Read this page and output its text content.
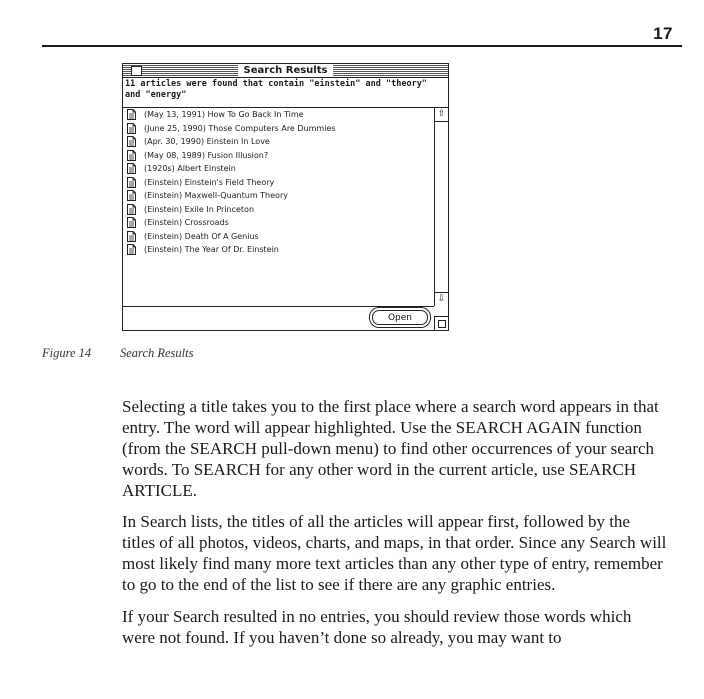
17
Search Results
11 articles were found that contain "einstein" and "theory" and "energy"
(May 13, 1991) How To Go Back In Time
(June 25, 1990) Those Computers Are Dummies
(Apr. 30, 1990) Einstein In Love
(May 08, 1989) Fusion Illusion?
(1920s) Albert Einstein
(Einstein) Einstein's Field Theory
(Einstein) Maxwell-Quantum Theory
(Einstein) Exile In Princeton
(Einstein) Crossroads
(Einstein) Death Of A Genius
(Einstein) The Year Of Dr. Einstein
⇧
⇩
Open
Figure 14 Search Results
Selecting a title takes you to the first place where a search word appears in that entry. The word will appear highlighted. Use the SEARCH AGAIN function (from the SEARCH pull-down menu) to find other occurrences of your search words. To SEARCH for any other word in the current article, use SEARCH ARTICLE.
In Search lists, the titles of all the articles will appear first, followed by the titles of all photos, videos, charts, and maps, in that order. Since any Search will most likely find many more text articles than any other type of entry, remember to go to the end of the list to see if there are any graphic entries.
If your Search resulted in no entries, you should review those words which were not found. If you haven’t done so already, you may want to
